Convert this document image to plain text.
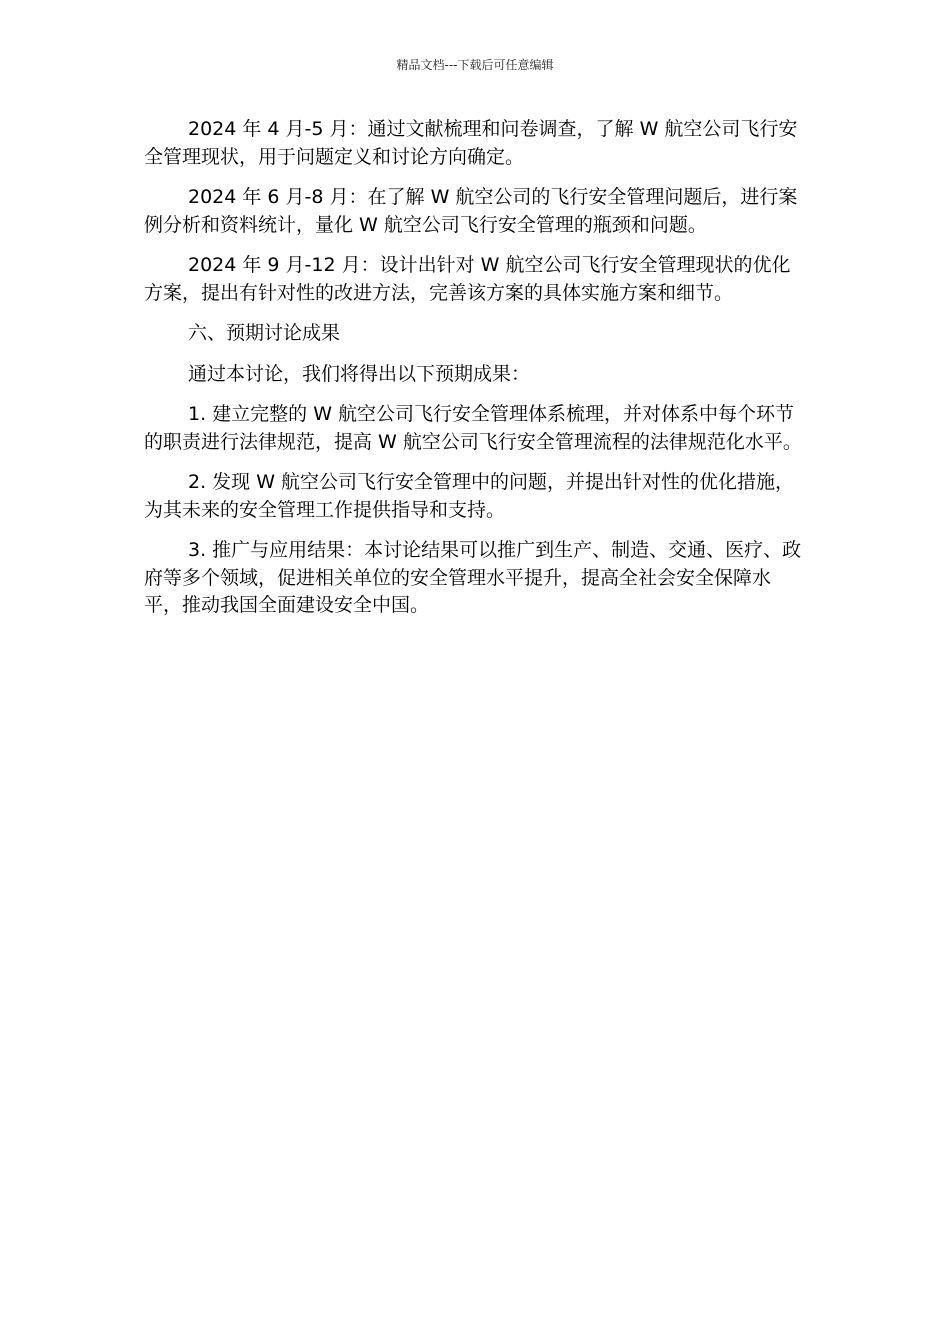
精品文档---下载后可任意编辑

2024 年 4 月-5 月：通过文献梳理和问卷调查，了解 W 航空公司飞行安全管理现状，用于问题定义和讨论方向确定。

2024 年 6 月-8 月：在了解 W 航空公司的飞行安全管理问题后，进行案例分析和资料统计，量化 W 航空公司飞行安全管理的瓶颈和问题。

2024 年 9 月-12 月：设计出针对 W 航空公司飞行安全管理现状的优化方案，提出有针对性的改进方法，完善该方案的具体实施方案和细节。

六、预期讨论成果

通过本讨论，我们将得出以下预期成果：

1. 建立完整的 W 航空公司飞行安全管理体系梳理，并对体系中每个环节的职责进行法律规范，提高 W 航空公司飞行安全管理流程的法律规范化水平。

2. 发现 W 航空公司飞行安全管理中的问题，并提出针对性的优化措施，为其未来的安全管理工作提供指导和支持。

3. 推广与应用结果：本讨论结果可以推广到生产、制造、交通、医疗、政府等多个领域，促进相关单位的安全管理水平提升，提高全社会安全保障水平，推动我国全面建设安全中国。
